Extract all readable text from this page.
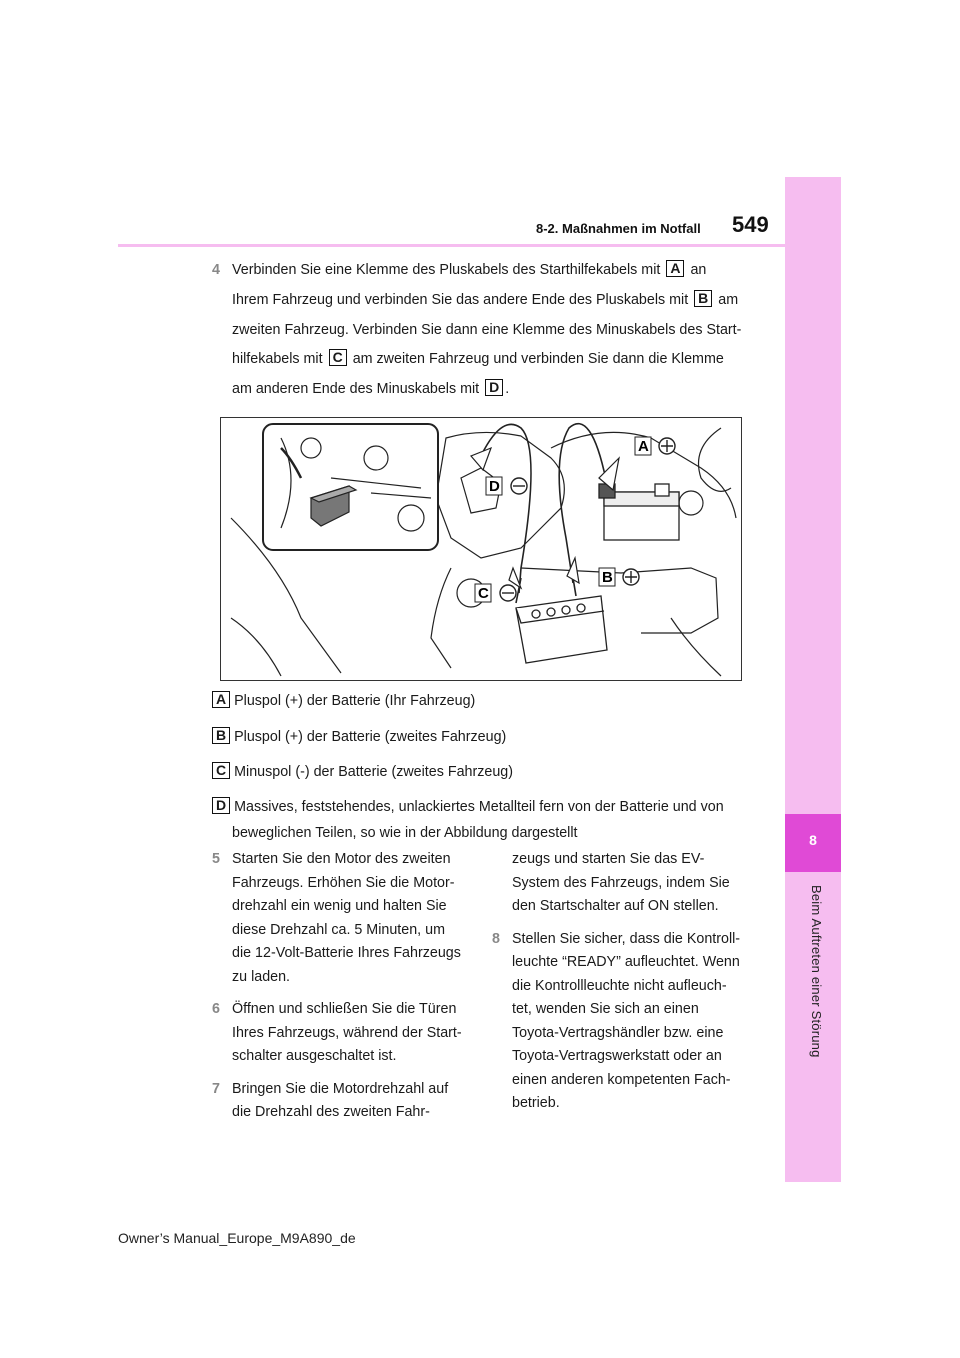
8
Beim Auftreten einer Störung
8-2. Maßnahmen im Notfall 549
4 Verbinden Sie eine Klemme des Pluskabels des Starthilfekabels mit A an
Ihrem Fahrzeug und verbinden Sie das andere Ende des Pluskabels mit B am
zweiten Fahrzeug. Verbinden Sie dann eine Klemme des Minuskabels des Start-
hilfekabels mit C am zweiten Fahrzeug und verbinden Sie dann die Klemme
am anderen Ende des Minuskabels mit D .
A
D
C
B
A Pluspol (+) der Batterie (Ihr Fahrzeug)
B Pluspol (+) der Batterie (zweites Fahrzeug)
C Minuspol (-) der Batterie (zweites Fahrzeug)
D Massives, feststehendes, unlackiertes Metallteil fern von der Batterie und von
beweglichen Teilen, so wie in der Abbildung dargestellt

5 Starten Sie den Motor des zweiten
Fahrzeugs. Erhöhen Sie die Motor-
drehzahl ein wenig und halten Sie
diese Drehzahl ca. 5 Minuten, um
die 12-Volt-Batterie Ihres Fahrzeugs
zu laden.

6 Öffnen und schließen Sie die Türen
Ihres Fahrzeugs, während der Start-
schalter ausgeschaltet ist.

7 Bringen Sie die Motordrehzahl auf
die Drehzahl des zweiten Fahr-

zeugs und starten Sie das EV-
System des Fahrzeugs, indem Sie
den Startschalter auf ON stellen.

8 Stellen Sie sicher, dass die Kontroll-
leuchte “READY” aufleuchtet. Wenn
die Kontrollleuchte nicht aufleuch-
tet, wenden Sie sich an einen
Toyota-Vertragshändler bzw. eine
Toyota-Vertragswerkstatt oder an
einen anderen kompetenten Fach-
betrieb.

Owner’s Manual_Europe_M9A890_de
